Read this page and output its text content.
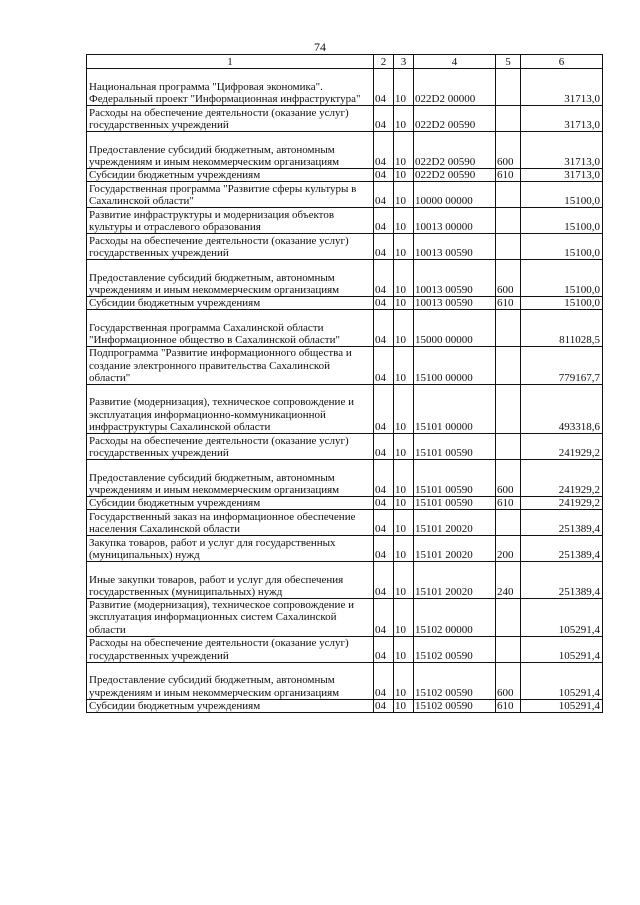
74
1	2	3	4	5	6
Национальная программа "Цифровая экономика". Федеральный проект "Информационная инфраструктура"	04	10	022D2 00000		31713,0
Расходы на обеспечение деятельности (оказание услуг) государственных учреждений	04	10	022D2 00590		31713,0
Предоставление субсидий бюджетным, автономным учреждениям и иным некоммерческим организациям	04	10	022D2 00590	600	31713,0
Субсидии бюджетным учреждениям	04	10	022D2 00590	610	31713,0
Государственная программа "Развитие сферы культуры в Сахалинской области"	04	10	10000 00000		15100,0
Развитие инфраструктуры и модернизация объектов культуры и отраслевого образования	04	10	10013 00000		15100,0
Расходы на обеспечение деятельности (оказание услуг) государственных учреждений	04	10	10013 00590		15100,0
Предоставление субсидий бюджетным, автономным учреждениям и иным некоммерческим организациям	04	10	10013 00590	600	15100,0
Субсидии бюджетным учреждениям	04	10	10013 00590	610	15100,0
Государственная программа Сахалинской области "Информационное общество в Сахалинской области"	04	10	15000 00000		811028,5
Подпрограмма "Развитие информационного общества и создание электронного правительства Сахалинской области"	04	10	15100 00000		779167,7
Развитие (модернизация), техническое сопровождение и эксплуатация информационно-коммуникационной инфраструктуры Сахалинской области	04	10	15101 00000		493318,6
Расходы на обеспечение деятельности (оказание услуг) государственных учреждений	04	10	15101 00590		241929,2
Предоставление субсидий бюджетным, автономным учреждениям и иным некоммерческим организациям	04	10	15101 00590	600	241929,2
Субсидии бюджетным учреждениям	04	10	15101 00590	610	241929,2
Государственный заказ на информационное обеспечение населения Сахалинской области	04	10	15101 20020		251389,4
Закупка товаров, работ и услуг для государственных (муниципальных) нужд	04	10	15101 20020	200	251389,4
Иные закупки товаров, работ и услуг для обеспечения государственных (муниципальных) нужд	04	10	15101 20020	240	251389,4
Развитие (модернизация), техническое сопровождение и эксплуатация информационных систем Сахалинской области	04	10	15102 00000		105291,4
Расходы на обеспечение деятельности (оказание услуг) государственных учреждений	04	10	15102 00590		105291,4
Предоставление субсидий бюджетным, автономным учреждениям и иным некоммерческим организациям	04	10	15102 00590	600	105291,4
Субсидии бюджетным учреждениям	04	10	15102 00590	610	105291,4
